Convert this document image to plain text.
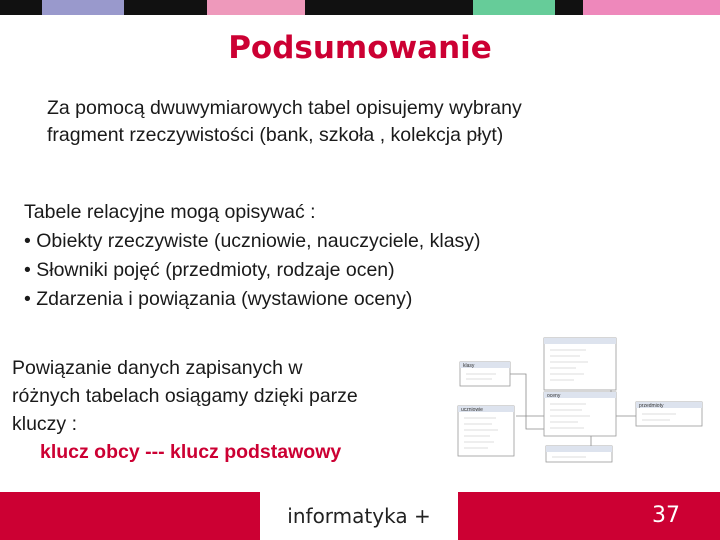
Podsumowanie
Za pomocą dwuwymiarowych tabel opisujemy wybrany
fragment rzeczywistości (bank, szkoła , kolekcja płyt)
Tabele relacyjne mogą opisywać :
• Obiekty rzeczywiste (uczniowie, nauczyciele, klasy)
• Słowniki pojęć (przedmioty, rodzaje ocen)
• Zdarzenia i powiązania (wystawione oceny)
Powiązanie danych zapisanych w
różnych tabelach osiągamy dzięki parze
kluczy :
klucz obcy --- klucz podstawowy
klasy
uczniowie
oceny
przedmioty
informatyka +	37
